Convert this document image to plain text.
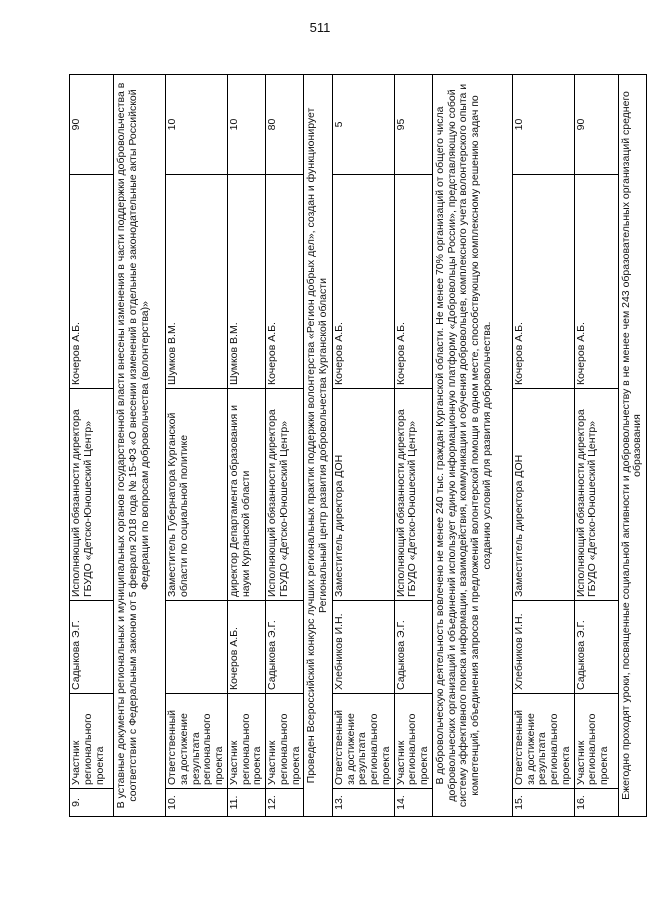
511
9.	Участник регионального проекта	Садыкова Э.Г.	Исполняющий обязанности директора ГБУДО «Детско-Юношеский Центр»	Кочеров А.Б.	90
В уставные документы региональных и муниципальных органов государственной власти внесены изменения в части поддержки добровольчества в соответствии с Федеральным законом от 5 февраля 2018 года № 15-ФЗ «О внесении изменений в отдельные законодательные акты Российской Федерации по вопросам добровольчества (волонтерства)»					
10.	Ответственный за достижение результата регионального проекта		Заместитель Губернатора Курганской области по социальной политике	Шумков В.М.	10
11.	Участник регионального проекта	Кочеров А.Б.	директор Департамента образования и науки Курганской области	Шумков В.М.	10
12.	Участник регионального проекта	Садыкова Э.Г.	Исполняющий обязанности директора ГБУДО «Детско-Юношеский Центр»	Кочеров А.Б.	80
Проведен Всероссийский конкурс лучших региональных практик поддержки волонтерства «Регион добрых дел», создан и функционирует Региональный центр развития добровольчества Курганской области					
13.	Ответственный за достижение результата регионального проекта	Хлебников И.Н.	Заместитель директора ДОН	Кочеров А.Б.	5
14.	Участник регионального проекта	Садыкова Э.Г.	Исполняющий обязанности директора ГБУДО «Детско-Юношеский Центр»	Кочеров А.Б.	95
В добровольческую деятельность вовлечено не менее 240 тыс. граждан Курганской области. Не менее 70% организаций от общего числа добровольческих организаций и объединений использует единую информационную платформу «Добровольцы России», представляющую собой систему эффективного поиска информации, взаимодействия, коммуникации и обучения добровольцев, комплексного учета волонтерского опыта и компетенций, объединения запросов и предложений волонтерской помощи в одном месте, способствующую комплексному решению задач по созданию условий для развития добровольчества.					
15.	Ответственный за достижение результата регионального проекта	Хлебников И.Н.	Заместитель директора ДОН	Кочеров А.Б.	10
16.	Участник регионального проекта	Садыкова Э.Г.	Исполняющий обязанности директора ГБУДО «Детско-Юношеский Центр»	Кочеров А.Б.	90
Ежегодно проходят уроки, посвященные социальной активности и добровольчеству в не менее чем 243 образовательных организаций среднего образования					
